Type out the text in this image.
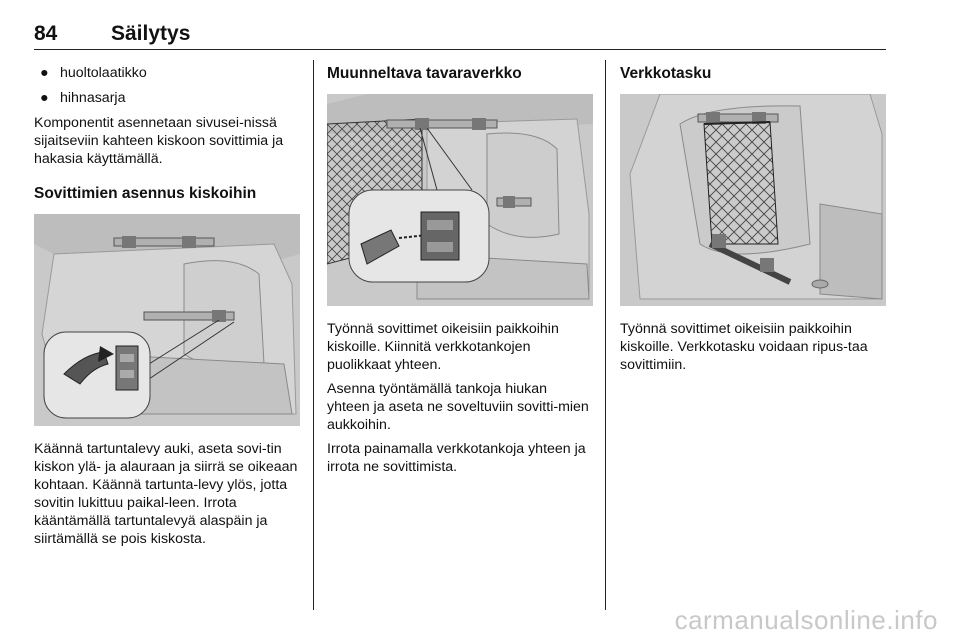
84	Säilytys
● huoltolaatikko
● hihnasarja

Komponentit asennetaan sivusei-nissä sijaitseviin kahteen kiskoon sovittimia ja hakasia käyttämällä.

Sovittimien asennus kiskoihin

Käännä tartuntalevy auki, aseta sovi-tin kiskon ylä- ja alauraan ja siirrä se oikeaan kohtaan. Käännä tartunta-levy ylös, jotta sovitin lukittuu paikal-leen. Irrota kääntämällä tartuntalevyä alaspäin ja siirtämällä se pois kiskosta.

Muunneltava tavaraverkko

Työnnä sovittimet oikeisiin paikkoihin kiskoille. Kiinnitä verkkotankojen puolikkaat yhteen.

Asenna työntämällä tankoja hiukan yhteen ja aseta ne soveltuviin sovitti-mien aukkoihin.

Irrota painamalla verkkotankoja yhteen ja irrota ne sovittimista.

Verkkotasku

Työnnä sovittimet oikeisiin paikkoihin kiskoille. Verkkotasku voidaan ripus-taa sovittimiin.

carmanualsonline.info
